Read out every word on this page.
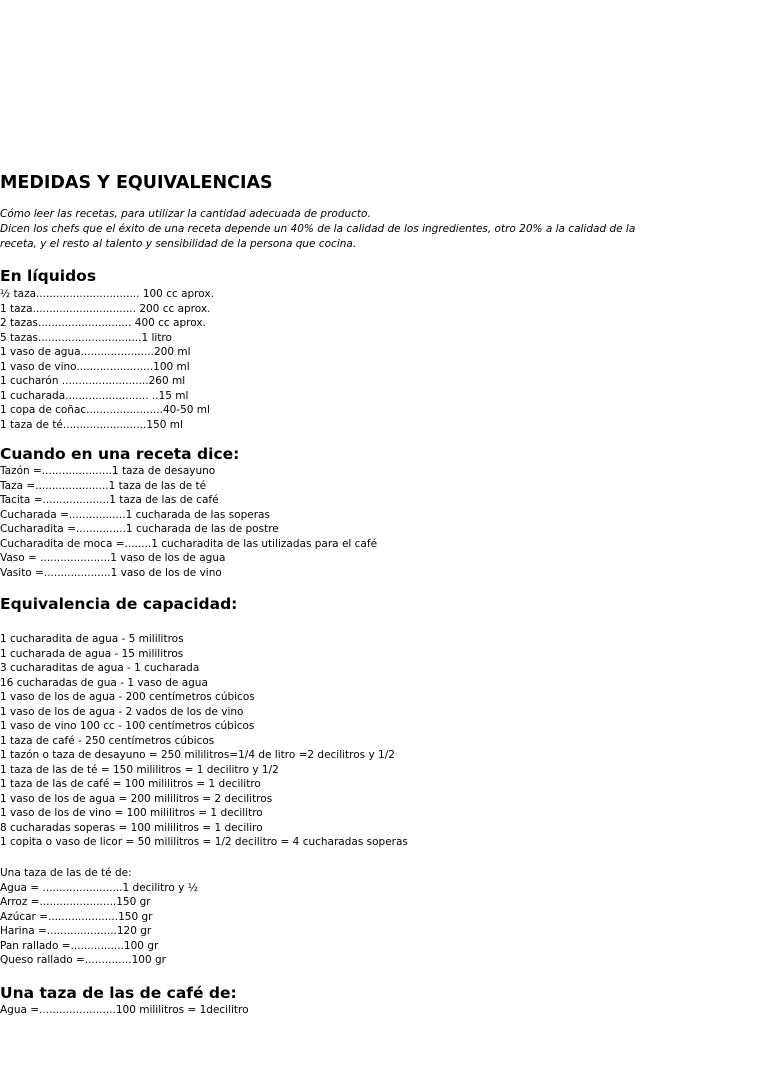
MEDIDAS Y EQUIVALENCIAS

Cómo leer las recetas, para utilizar la cantidad adecuada de producto.
Dicen los chefs que el éxito de una receta depende un 40% de la calidad de los ingredientes, otro 20% a la calidad de la
receta, y el resto al talento y sensibilidad de la persona que cocina.

En líquidos
½ taza............................... 100 cc aprox.
1 taza............................... 200 cc aprox.
2 tazas............................ 400 cc aprox.
5 tazas...............................1 litro
1 vaso de agua......................200 ml
1 vaso de vino.......................100 ml
1 cucharón ..........................260 ml
1 cucharada......................... ..15 ml
1 copa de coñac.......................40-50 ml
1 taza de té.........................150 ml
Cuando en una receta dice:
Tazón =.....................1 taza de desayuno
Taza =......................1 taza de las de té
Tacita =....................1 taza de las de café
Cucharada =.................1 cucharada de las soperas
Cucharadita =...............1 cucharada de las de postre
Cucharadita de moca =........1 cucharadita de las utilizadas para el café
Vaso = .....................1 vaso de los de agua
Vasito =....................1 vaso de los de vino
Equivalencia de capacidad:
1 cucharadita de agua - 5 mililitros
1 cucharada de agua - 15 mililitros
3 cucharaditas de agua - 1 cucharada
16 cucharadas de gua - 1 vaso de agua
1 vaso de los de agua - 200 centímetros cúbicos
1 vaso de los de agua - 2 vados de los de vino
1 vaso de vino 100 cc - 100 centímetros cúbicos
1 taza de café - 250 centímetros cúbicos
1 tazón o taza de desayuno = 250 mililitros=1/4 de litro =2 decilitros y 1/2
1 taza de las de té = 150 mililitros = 1 decilitro y 1/2
1 taza de las de café = 100 mililitros = 1 decilitro
1 vaso de los de agua = 200 mililitros = 2 decilitros
1 vaso de los de vino = 100 mililitros = 1 decilitro
8 cucharadas soperas = 100 mililitros = 1 deciliro
1 copita o vaso de licor = 50 mililitros = 1/2 decilitro = 4 cucharadas soperas
Una taza de las de té de:
Agua = ........................1 decilitro y ½
Arroz =.......................150 gr
Azúcar =.....................150 gr
Harina =.....................120 gr
Pan rallado =................100 gr
Queso rallado =..............100 gr
Una taza de las de café de:
Agua =.......................100 mililitros = 1decilitro
